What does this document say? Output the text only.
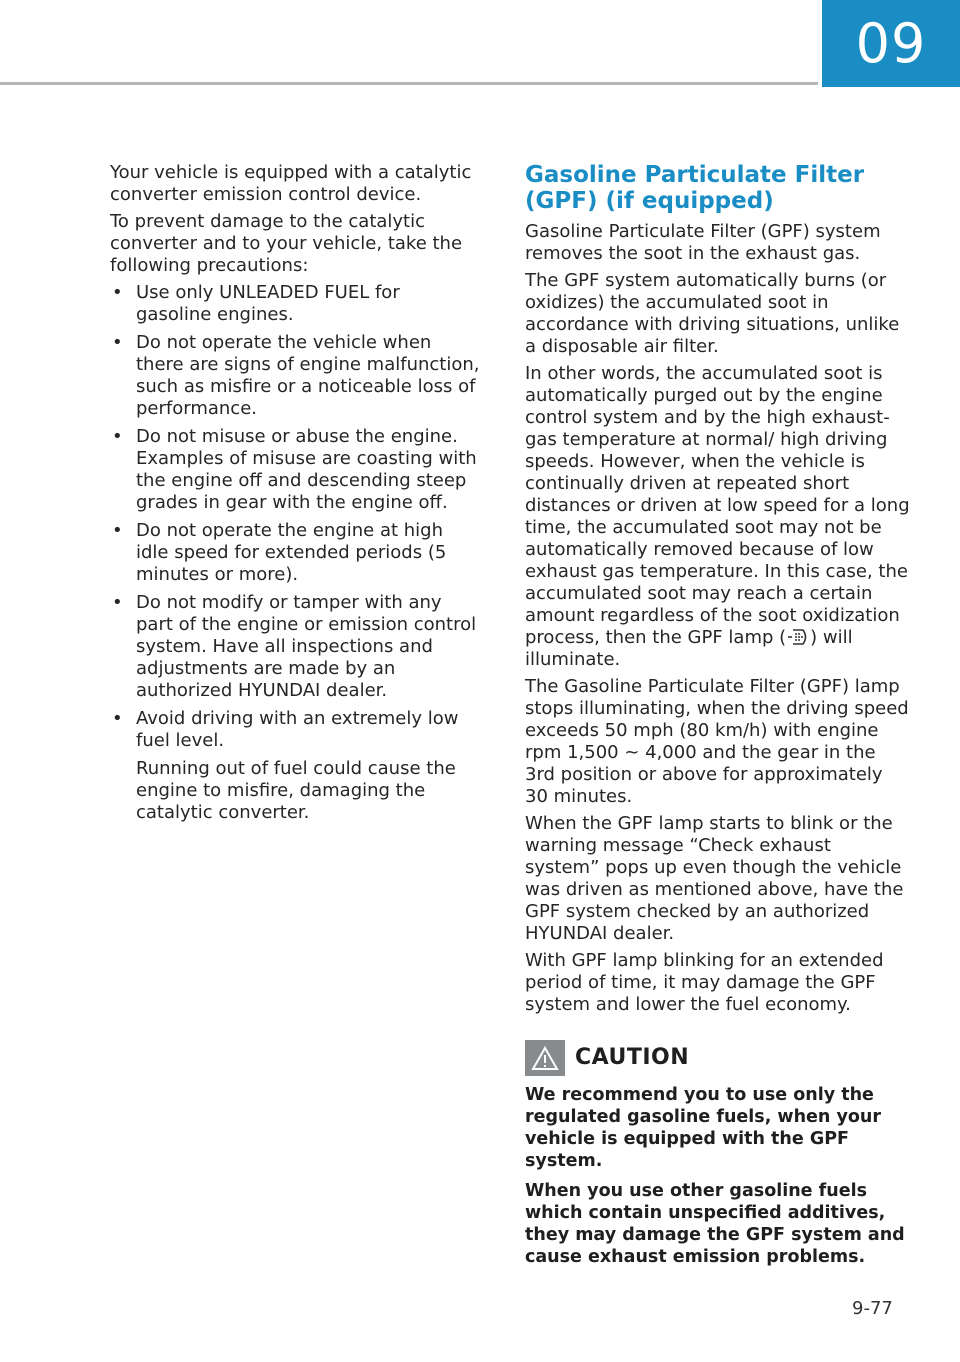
09

Your vehicle is equipped with a catalytic converter emission control device.

To prevent damage to the catalytic converter and to your vehicle, take the following precautions:

• Use only UNLEADED FUEL for gasoline engines.
• Do not operate the vehicle when there are signs of engine malfunction, such as misfire or a noticeable loss of performance.
• Do not misuse or abuse the engine. Examples of misuse are coasting with the engine off and descending steep grades in gear with the engine off.
• Do not operate the engine at high idle speed for extended periods (5 minutes or more).
• Do not modify or tamper with any part of the engine or emission control system. Have all inspections and adjustments are made by an authorized HYUNDAI dealer.
• Avoid driving with an extremely low fuel level.

Running out of fuel could cause the engine to misfire, damaging the catalytic converter.

Gasoline Particulate Filter (GPF) (if equipped)

Gasoline Particulate Filter (GPF) system removes the soot in the exhaust gas.

The GPF system automatically burns (or oxidizes) the accumulated soot in accordance with driving situations, unlike a disposable air filter.

In other words, the accumulated soot is automatically purged out by the engine control system and by the high exhaust-gas temperature at normal/ high driving speeds. However, when the vehicle is continually driven at repeated short distances or driven at low speed for a long time, the accumulated soot may not be automatically removed because of low exhaust gas temperature. In this case, the accumulated soot may reach a certain amount regardless of the soot oxidization process, then the GPF lamp ( ) will illuminate.

The Gasoline Particulate Filter (GPF) lamp stops illuminating, when the driving speed exceeds 50 mph (80 km/h) with engine rpm 1,500 ~ 4,000 and the gear in the 3rd position or above for approximately 30 minutes.

When the GPF lamp starts to blink or the warning message “Check exhaust system” pops up even though the vehicle was driven as mentioned above, have the GPF system checked by an authorized HYUNDAI dealer.

With GPF lamp blinking for an extended period of time, it may damage the GPF system and lower the fuel economy.

CAUTION

We recommend you to use only the regulated gasoline fuels, when your vehicle is equipped with the GPF system.

When you use other gasoline fuels which contain unspecified additives, they may damage the GPF system and cause exhaust emission problems.

9-77
